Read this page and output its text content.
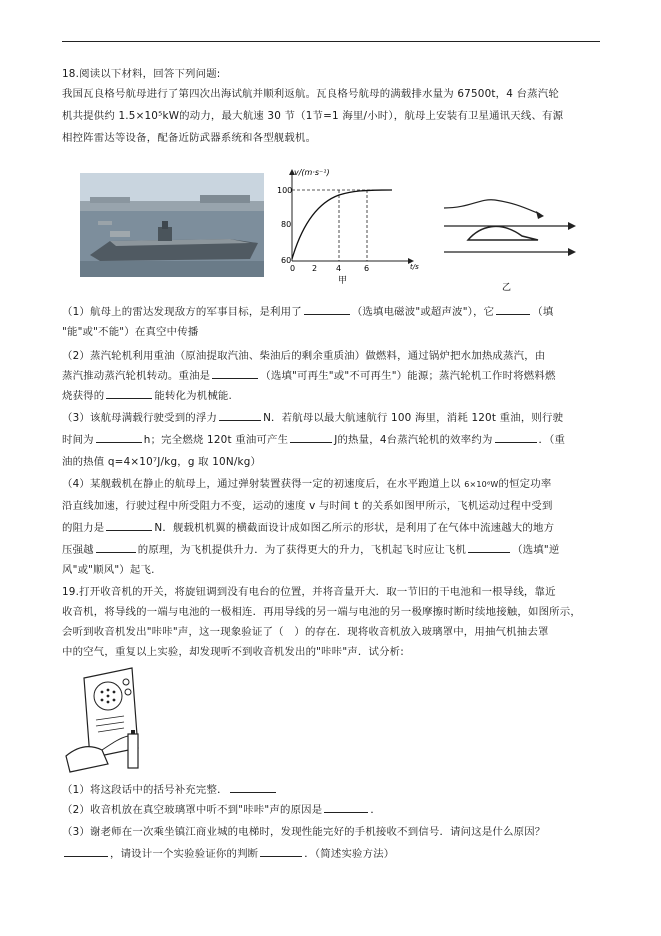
18.阅读以下材料，回答下列问题:
我国瓦良格号航母进行了第四次出海试航并顺利返航。瓦良格号航母的满载排水量为 67500t，4 台蒸汽轮
机共提供约 1.5×10⁵kW的动力，最大航速 30 节（1节=1 海里/小时），航母上安装有卫星通讯天线、有源
相控阵雷达等设备，配备近防武器系统和各型舰载机。
v/(m·s⁻¹)
t/s
100
80
60
0 2 4	6
甲
乙
（1）航母上的雷达发现敌方的军事目标，是利用了	（选填电磁波"或超声波"），它	（填
"能"或"不能"）在真空中传播
（2）蒸汽轮机利用重油（原油提取汽油、柴油后的剩余重质油）做燃料，通过锅炉把水加热成蒸汽，由
蒸汽推动蒸汽轮机转动。重油是	（选填"可再生"或"不可再生"）能源；蒸汽轮机工作时将燃料燃
烧获得的	能转化为机械能.
（3）该航母满载行驶受到的浮力	N．若航母以最大航速航行 100 海里，消耗 120t 重油，则行驶
时间为	h；完全燃烧 120t 重油可产生	J的热量，4台蒸汽轮机的效率约为	．（重
油的热值 q=4×10⁷J/kg，g 取 10N/kg）
（4）某舰载机在静止的航母上，通过弹射装置获得一定的初速度后，在水平跑道上以 6×10⁶W的恒定功率
沿直线加速，行驶过程中所受阻力不变，运动的速度 v 与时间 t 的关系如图甲所示，飞机运动过程中受到
的阻力是	N．舰载机机翼的横截面设计成如图乙所示的形状，是利用了在气体中流速越大的地方
压强越	的原理，为飞机提供升力．为了获得更大的升力，飞机起飞时应让飞机	（选填"逆
风"或"顺风"）起飞.
19.打开收音机的开关，将旋钮调到没有电台的位置，并将音量开大．取一节旧的干电池和一根导线，靠近
收音机，将导线的一端与电池的一极相连．再用导线的另一端与电池的另一极摩擦时断时续地接触，如图所示，
会听到收音机发出"咔咔"声，这一现象验证了（　）的存在．现将收音机放入玻璃罩中，用抽气机抽去罩
中的空气，重复以上实验，却发现听不到收音机发出的"咔咔"声．试分析:
（1）将这段话中的括号补充完整．
（2）收音机放在真空玻璃罩中听不到"咔咔"声的原因是	．
（3）谢老师在一次乘坐镇江商业城的电梯时，发现性能完好的手机接收不到信号．请问这是什么原因？
，请设计一个实验验证你的判断	．（简述实验方法）
